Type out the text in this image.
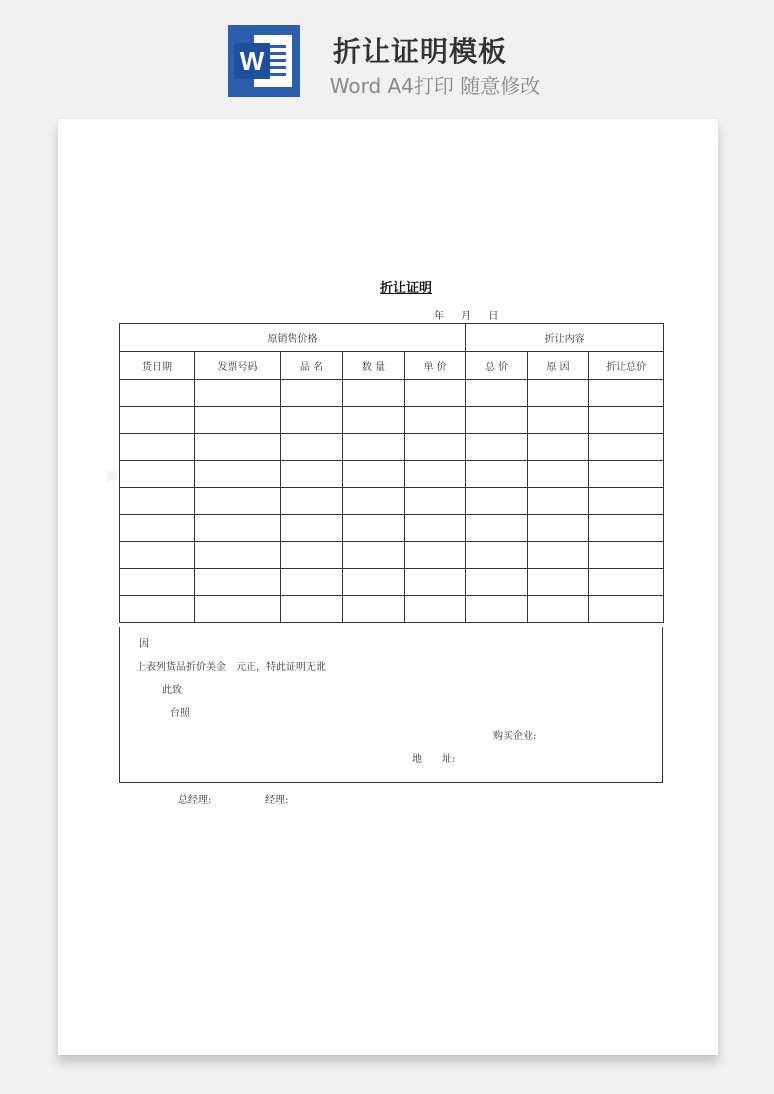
W 折让证明模板
Word A4打印 随意修改
折让证明
年 月 日
原销售价格					折让内容		
货日期	发票号码	品 名	数 量	单 价	总 价	原 因	折让总价

因
上表列货品折价美金　元正，特此证明无讹
此致
台照
购买企业:
地　　址:
总经理:	经理:
